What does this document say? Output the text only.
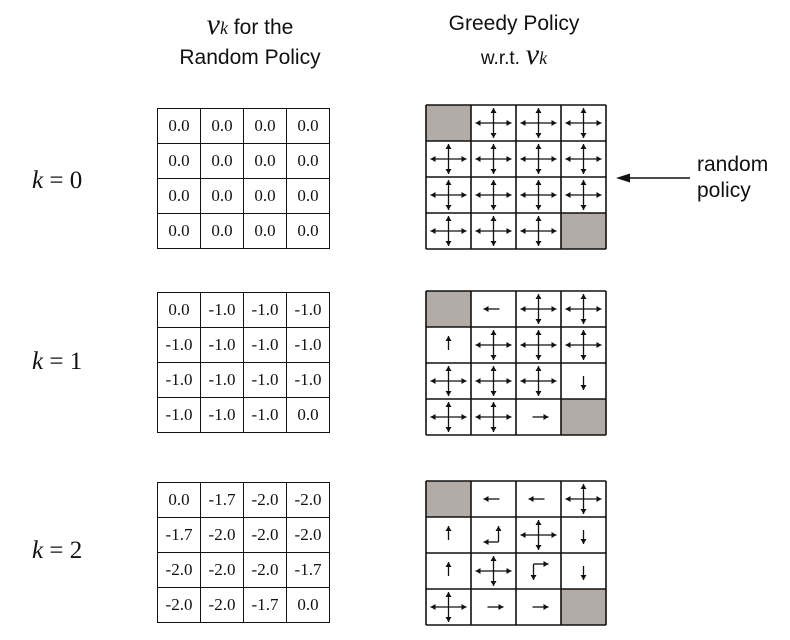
vk for the
Random Policy
Greedy Policy
w.r.t. vk
k = 0
k = 1
k = 2
0.0	0.0	0.0	0.0
0.0	0.0	0.0	0.0
0.0	0.0	0.0	0.0
0.0	0.0	0.0	0.0
0.0	-1.0	-1.0	-1.0
-1.0	-1.0	-1.0	-1.0
-1.0	-1.0	-1.0	-1.0
-1.0	-1.0	-1.0	0.0
0.0	-1.7	-2.0	-2.0
-1.7	-2.0	-2.0	-2.0
-2.0	-2.0	-2.0	-1.7
-2.0	-2.0	-1.7	0.0
random
policy
